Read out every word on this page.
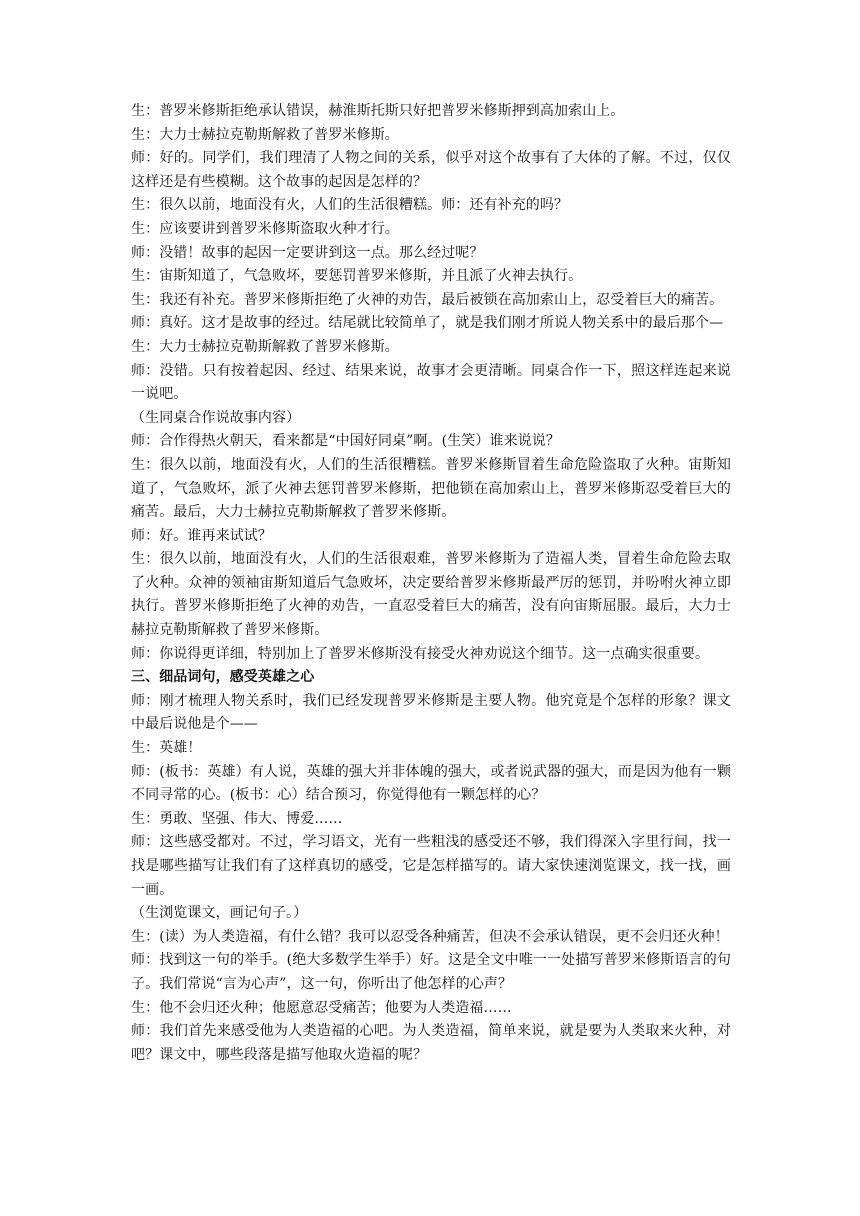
生：普罗米修斯拒绝承认错误，赫淮斯托斯只好把普罗米修斯押到高加索山上。

生：大力士赫拉克勒斯解救了普罗米修斯。

师：好的。同学们，我们理清了人物之间的关系，似乎对这个故事有了大体的了解。不过，仅仅这样还是有些模糊。这个故事的起因是怎样的？

生：很久以前，地面没有火，人们的生活很糟糕。师：还有补充的吗？

生：应该要讲到普罗米修斯盗取火种才行。

师：没错！故事的起因一定要讲到这一点。那么经过呢？

生：宙斯知道了，气急败坏，要惩罚普罗米修斯，并且派了火神去执行。

生：我还有补充。普罗米修斯拒绝了火神的劝告，最后被锁在高加索山上，忍受着巨大的痛苦。

师：真好。这才是故事的经过。结尾就比较简单了，就是我们刚才所说人物关系中的最后那个—

生：大力士赫拉克勒斯解救了普罗米修斯。

师：没错。只有按着起因、经过、结果来说，故事才会更清晰。同桌合作一下，照这样连起来说一说吧。

（生同桌合作说故事内容）

师：合作得热火朝天，看来都是“中国好同桌”啊。(生笑）谁来说说？

生：很久以前，地面没有火，人们的生活很糟糕。普罗米修斯冒着生命危险盗取了火种。宙斯知道了，气急败坏，派了火神去惩罚普罗米修斯，把他锁在高加索山上，普罗米修斯忍受着巨大的痛苦。最后，大力士赫拉克勒斯解救了普罗米修斯。

师：好。谁再来试试？

生：很久以前，地面没有火，人们的生活很艰难，普罗米修斯为了造福人类，冒着生命危险去取了火种。众神的领袖宙斯知道后气急败坏，决定要给普罗米修斯最严厉的惩罚，并吩咐火神立即执行。普罗米修斯拒绝了火神的劝告，一直忍受着巨大的痛苦，没有向宙斯屈服。最后，大力士赫拉克勒斯解救了普罗米修斯。

师：你说得更详细，特别加上了普罗米修斯没有接受火神劝说这个细节。这一点确实很重要。

三、细品词句，感受英雄之心

师：刚才梳理人物关系时，我们已经发现普罗米修斯是主要人物。他究竟是个怎样的形象？课文中最后说他是个——

生：英雄！

师：(板书：英雄）有人说，英雄的强大并非体魄的强大，或者说武器的强大，而是因为他有一颗不同寻常的心。(板书：心）结合预习，你觉得他有一颗怎样的心？

生：勇敢、坚强、伟大、博爱……

师：这些感受都对。不过，学习语文，光有一些粗浅的感受还不够，我们得深入字里行间，找一找是哪些描写让我们有了这样真切的感受，它是怎样描写的。请大家快速浏览课文，找一找，画一画。

（生浏览课文，画记句子。）

生：(读）为人类造福，有什么错？我可以忍受各种痛苦，但决不会承认错误，更不会归还火种！

师：找到这一句的举手。(绝大多数学生举手）好。这是全文中唯一一处描写普罗米修斯语言的句子。我们常说“言为心声”，这一句，你听出了他怎样的心声？

生：他不会归还火种；他愿意忍受痛苦；他要为人类造福……

师：我们首先来感受他为人类造福的心吧。为人类造福，简单来说，就是要为人类取来火种，对吧？课文中，哪些段落是描写他取火造福的呢？
